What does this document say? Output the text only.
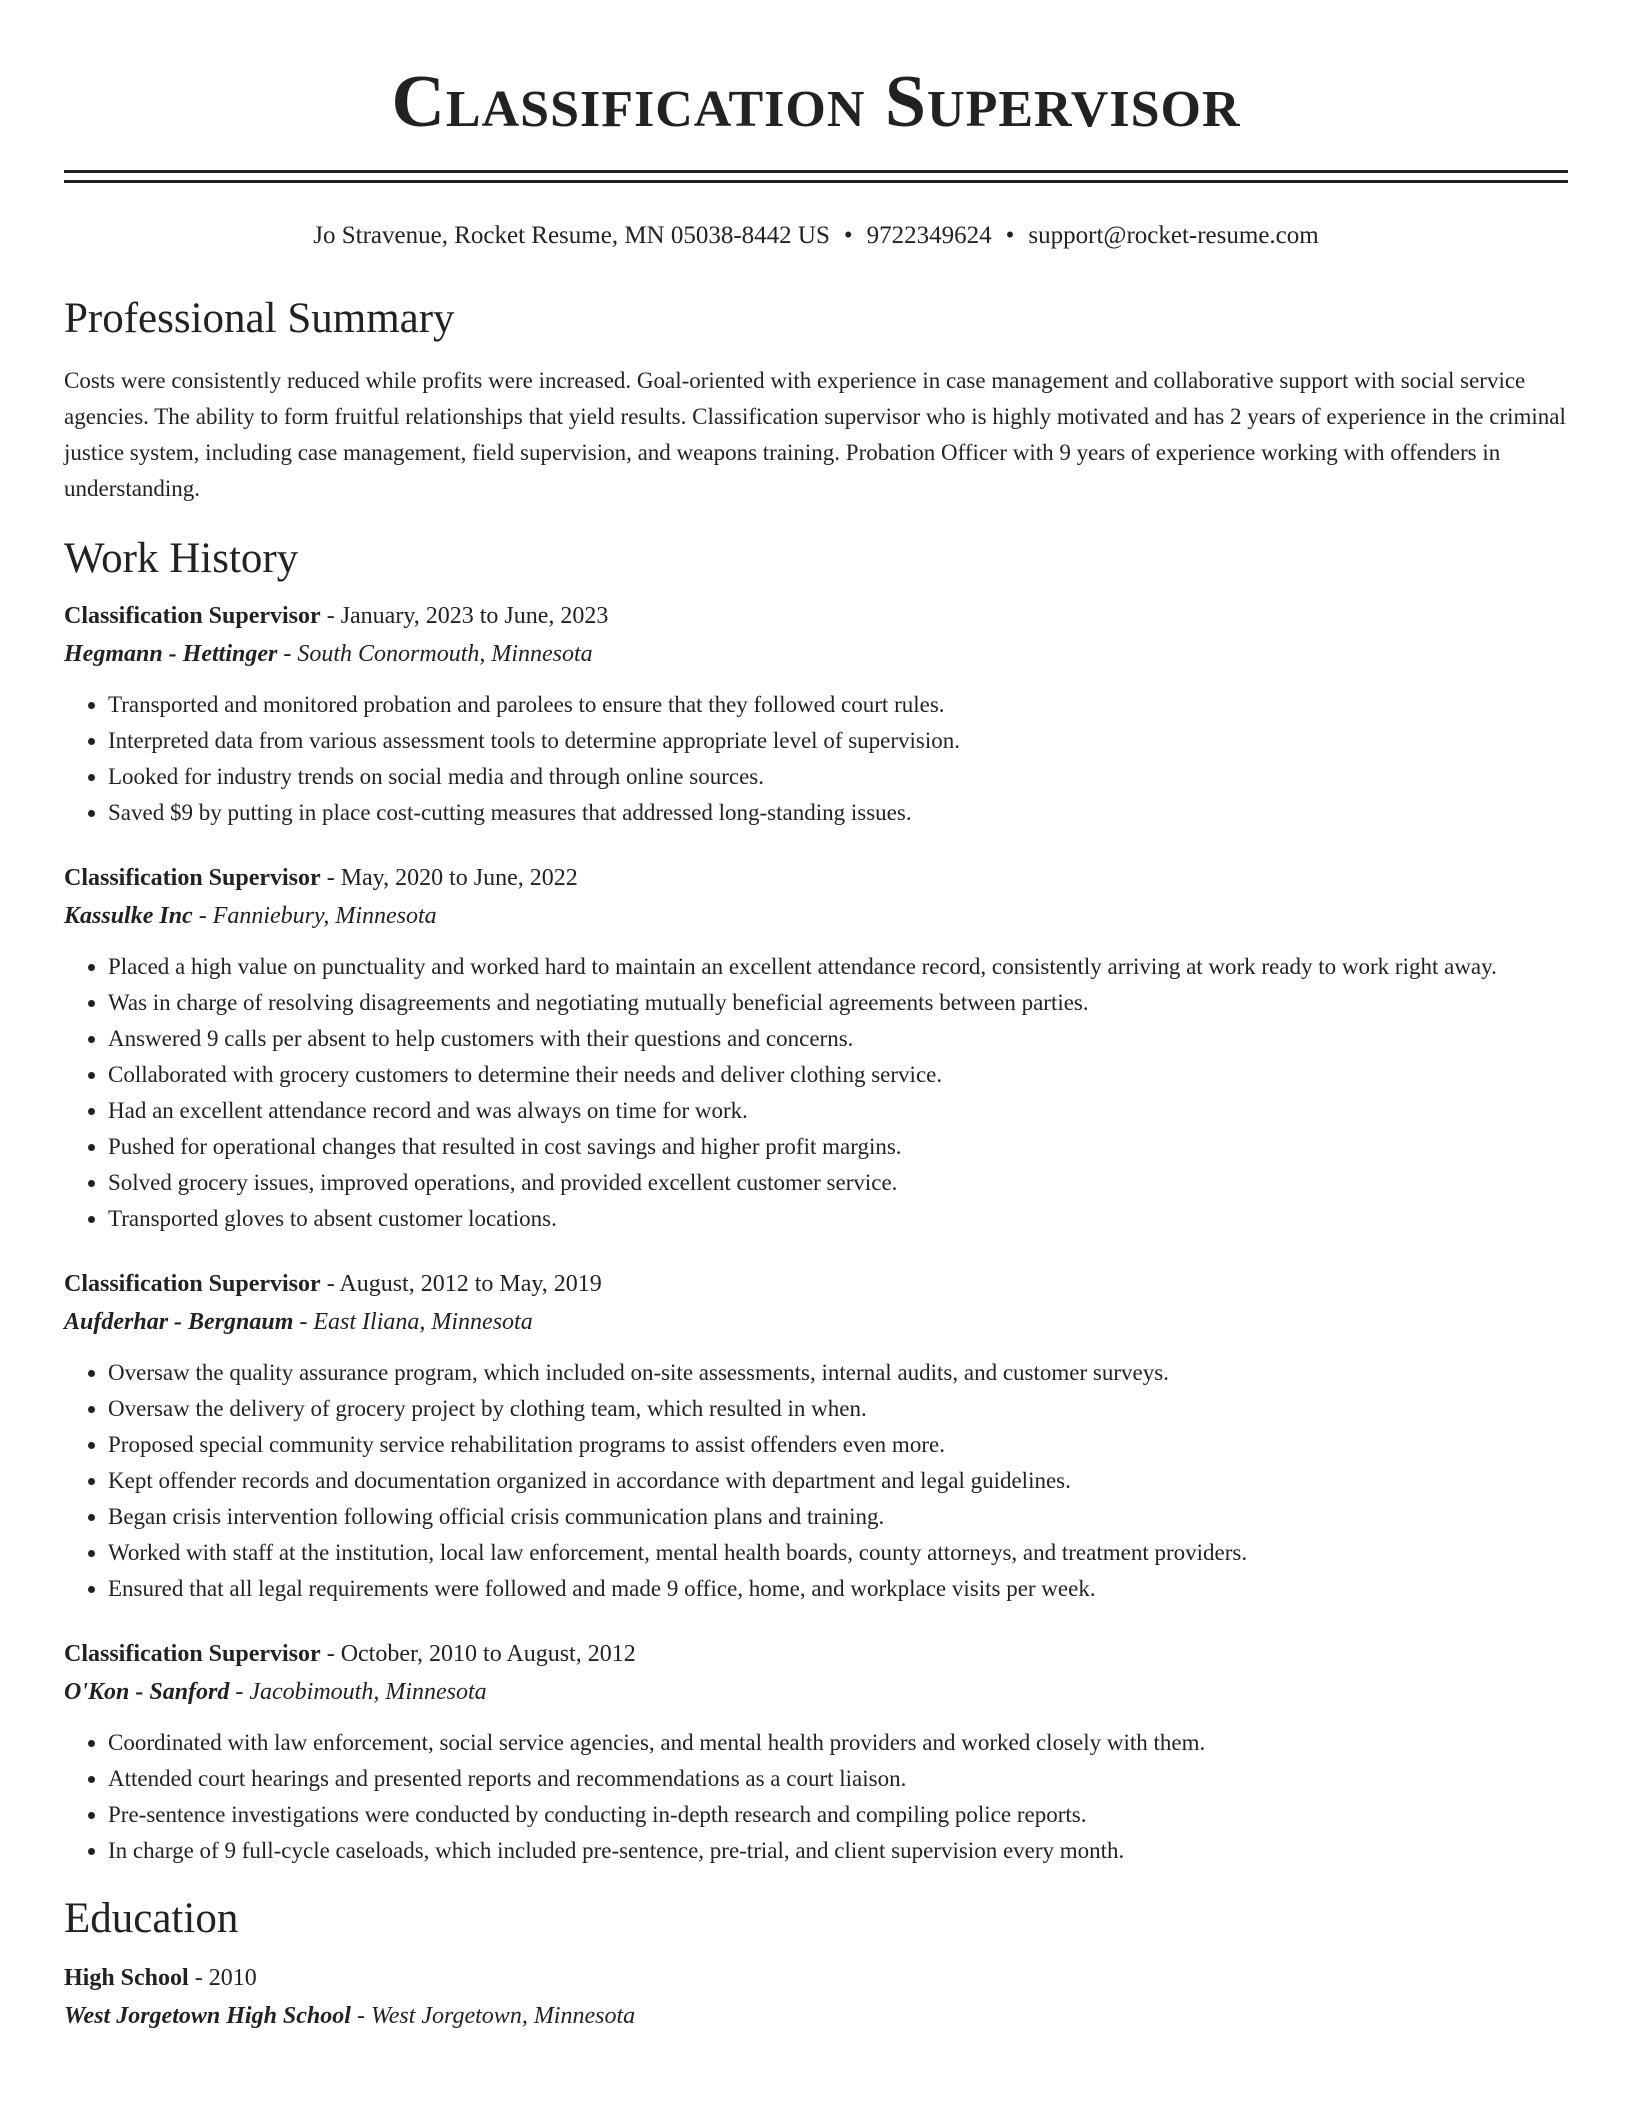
Classification Supervisor
Jo Stravenue, Rocket Resume, MN 05038-8442 US • 9722349624 • support@rocket-resume.com
Professional Summary
Costs were consistently reduced while profits were increased. Goal-oriented with experience in case management and collaborative support with social service agencies. The ability to form fruitful relationships that yield results. Classification supervisor who is highly motivated and has 2 years of experience in the criminal justice system, including case management, field supervision, and weapons training. Probation Officer with 9 years of experience working with offenders in understanding.
Work History
Classification Supervisor - January, 2023 to June, 2023
Hegmann - Hettinger - South Conormouth, Minnesota
• Transported and monitored probation and parolees to ensure that they followed court rules.
• Interpreted data from various assessment tools to determine appropriate level of supervision.
• Looked for industry trends on social media and through online sources.
• Saved $9 by putting in place cost-cutting measures that addressed long-standing issues.
Classification Supervisor - May, 2020 to June, 2022
Kassulke Inc - Fanniebury, Minnesota
• Placed a high value on punctuality and worked hard to maintain an excellent attendance record, consistently arriving at work ready to work right away.
• Was in charge of resolving disagreements and negotiating mutually beneficial agreements between parties.
• Answered 9 calls per absent to help customers with their questions and concerns.
• Collaborated with grocery customers to determine their needs and deliver clothing service.
• Had an excellent attendance record and was always on time for work.
• Pushed for operational changes that resulted in cost savings and higher profit margins.
• Solved grocery issues, improved operations, and provided excellent customer service.
• Transported gloves to absent customer locations.
Classification Supervisor - August, 2012 to May, 2019
Aufderhar - Bergnaum - East Iliana, Minnesota
• Oversaw the quality assurance program, which included on-site assessments, internal audits, and customer surveys.
• Oversaw the delivery of grocery project by clothing team, which resulted in when.
• Proposed special community service rehabilitation programs to assist offenders even more.
• Kept offender records and documentation organized in accordance with department and legal guidelines.
• Began crisis intervention following official crisis communication plans and training.
• Worked with staff at the institution, local law enforcement, mental health boards, county attorneys, and treatment providers.
• Ensured that all legal requirements were followed and made 9 office, home, and workplace visits per week.
Classification Supervisor - October, 2010 to August, 2012
O'Kon - Sanford - Jacobimouth, Minnesota
• Coordinated with law enforcement, social service agencies, and mental health providers and worked closely with them.
• Attended court hearings and presented reports and recommendations as a court liaison.
• Pre-sentence investigations were conducted by conducting in-depth research and compiling police reports.
• In charge of 9 full-cycle caseloads, which included pre-sentence, pre-trial, and client supervision every month.
Education
High School - 2010
West Jorgetown High School - West Jorgetown, Minnesota
